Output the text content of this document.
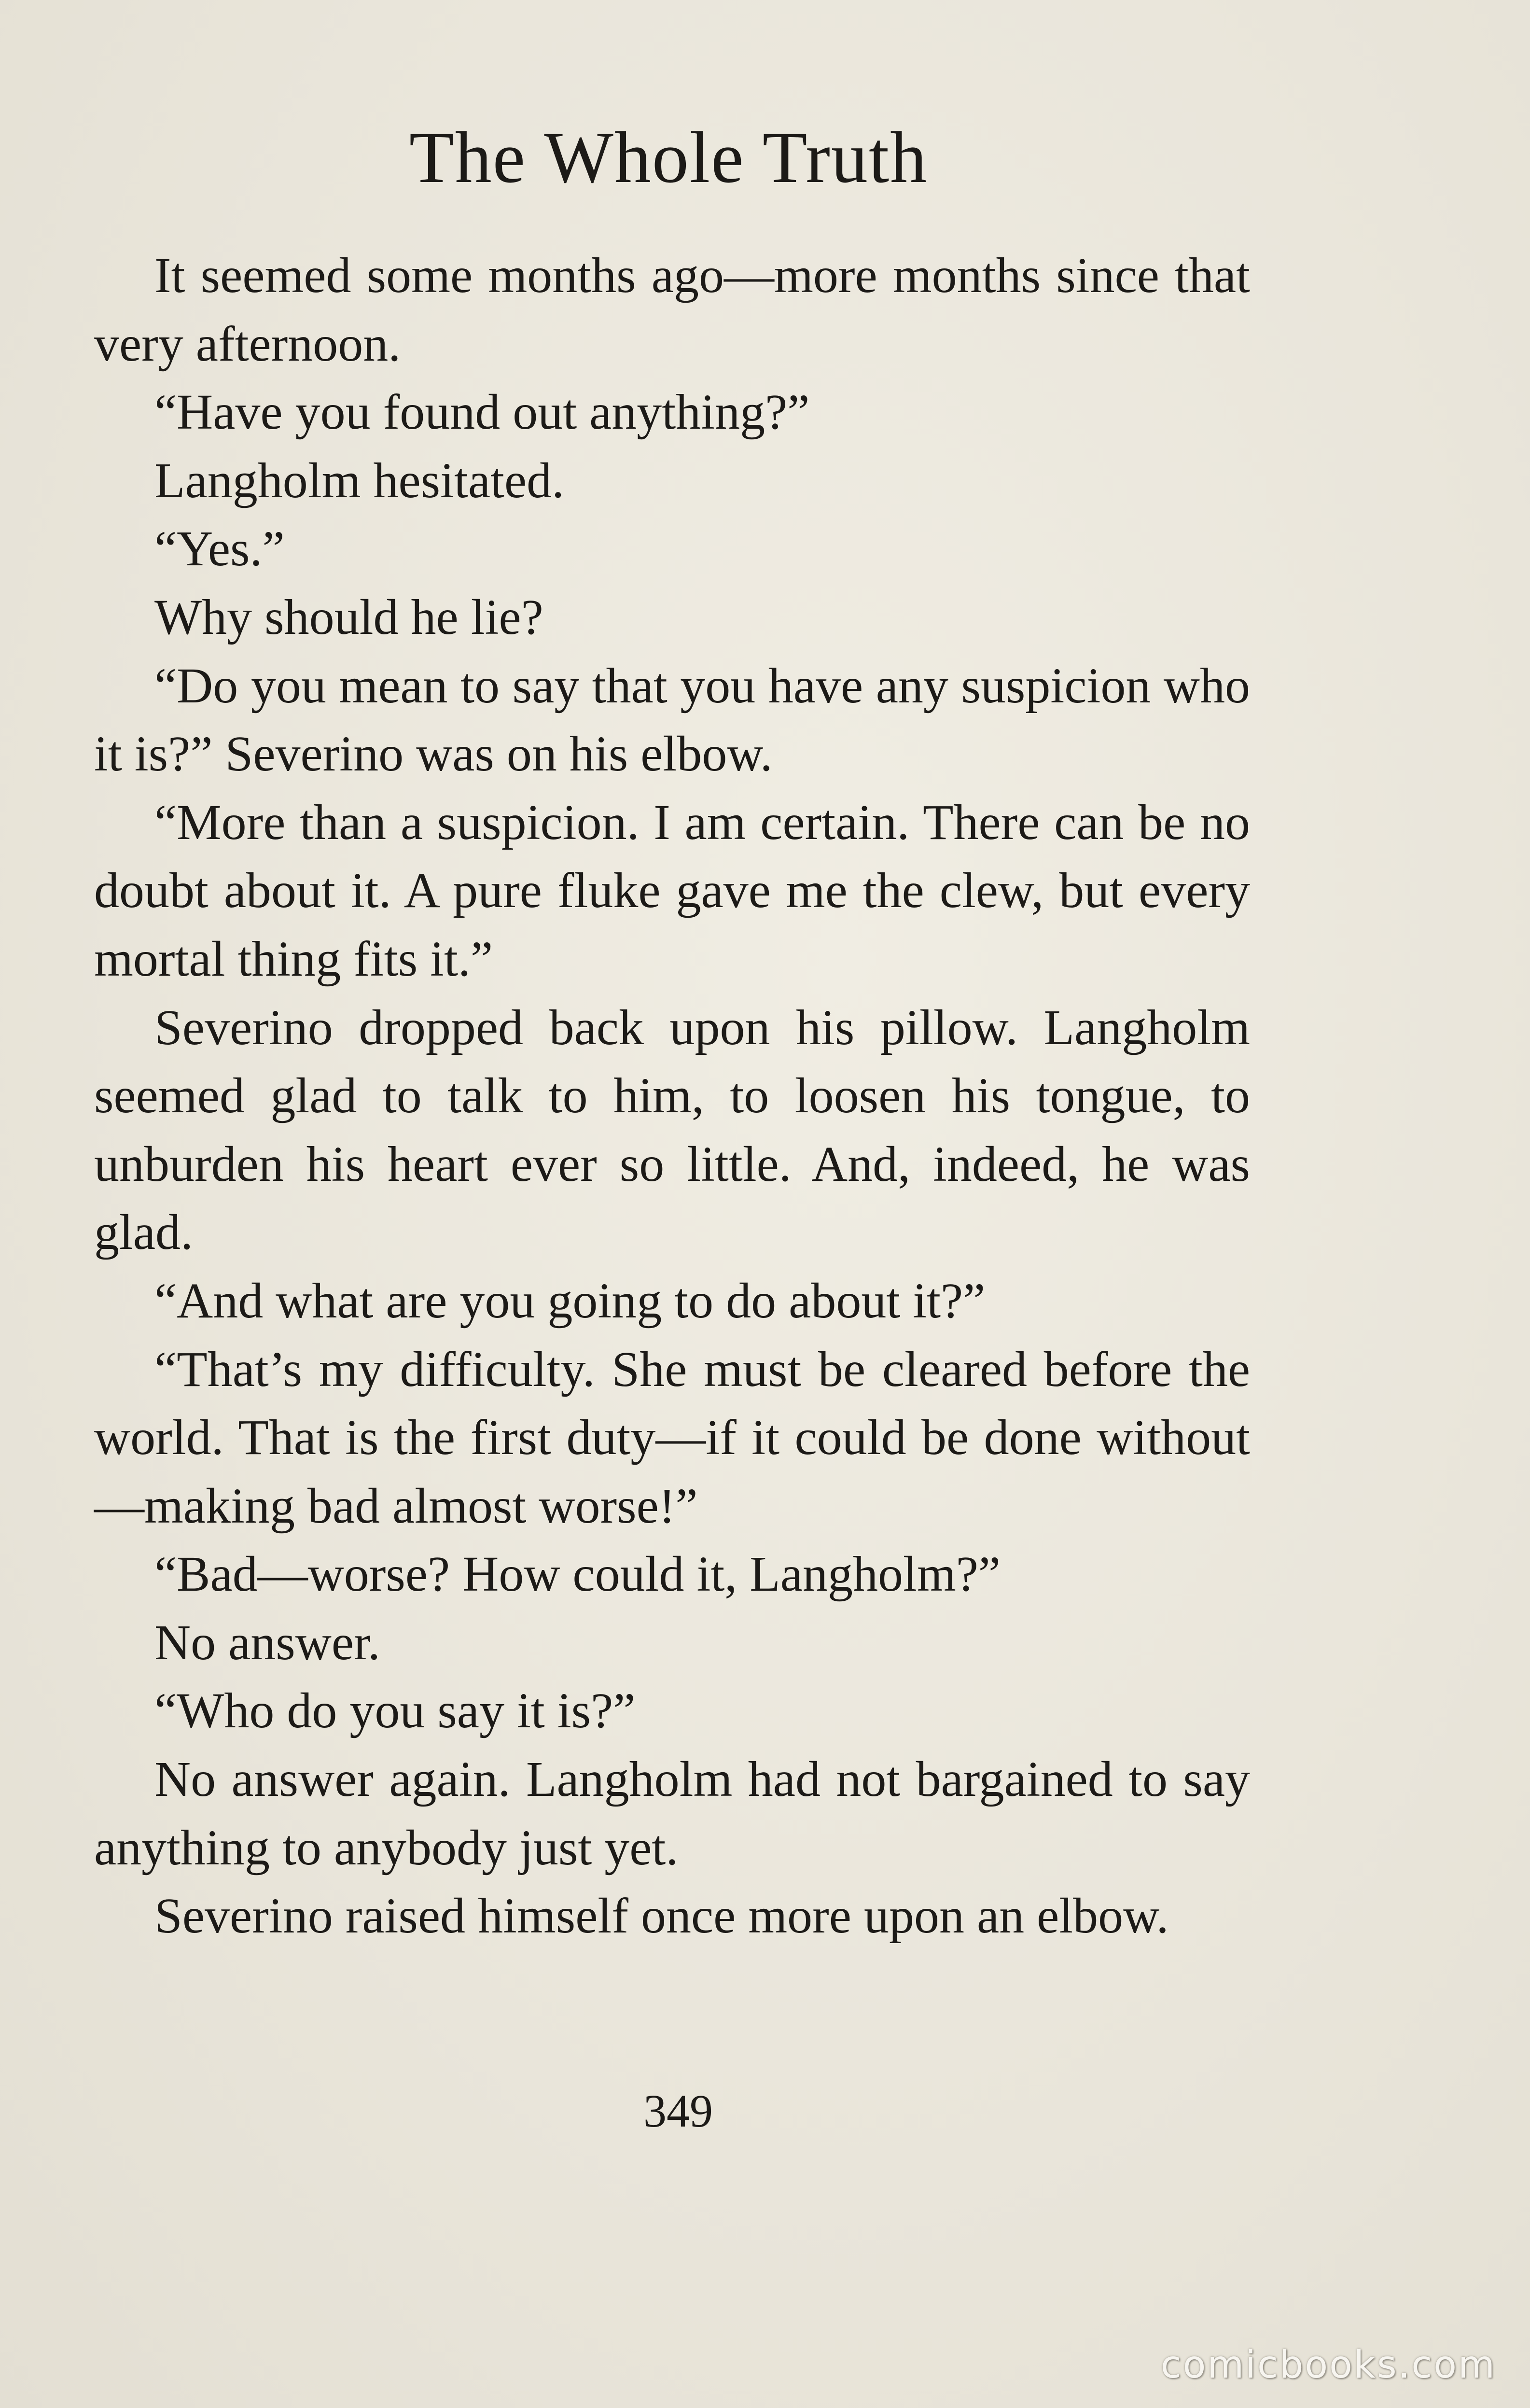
The Whole Truth

It seemed some months ago—more months since that very afternoon.

“Have you found out anything?”

Langholm hesitated.

“Yes.”

Why should he lie?

“Do you mean to say that you have any suspicion who it is?” Severino was on his elbow.

“More than a suspicion. I am certain. There can be no doubt about it. A pure fluke gave me the clew, but every mortal thing fits it.”

Severino dropped back upon his pillow. Langholm seemed glad to talk to him, to loosen his tongue, to unburden his heart ever so little. And, indeed, he was glad.

“And what are you going to do about it?”

“That’s my difficulty. She must be cleared before the world. That is the first duty—if it could be done without—making bad almost worse!”

“Bad—worse? How could it, Langholm?”

No answer.

“Who do you say it is?”

No answer again. Langholm had not bargained to say anything to anybody just yet.

Severino raised himself once more upon an elbow.

349
comicbooks.com
